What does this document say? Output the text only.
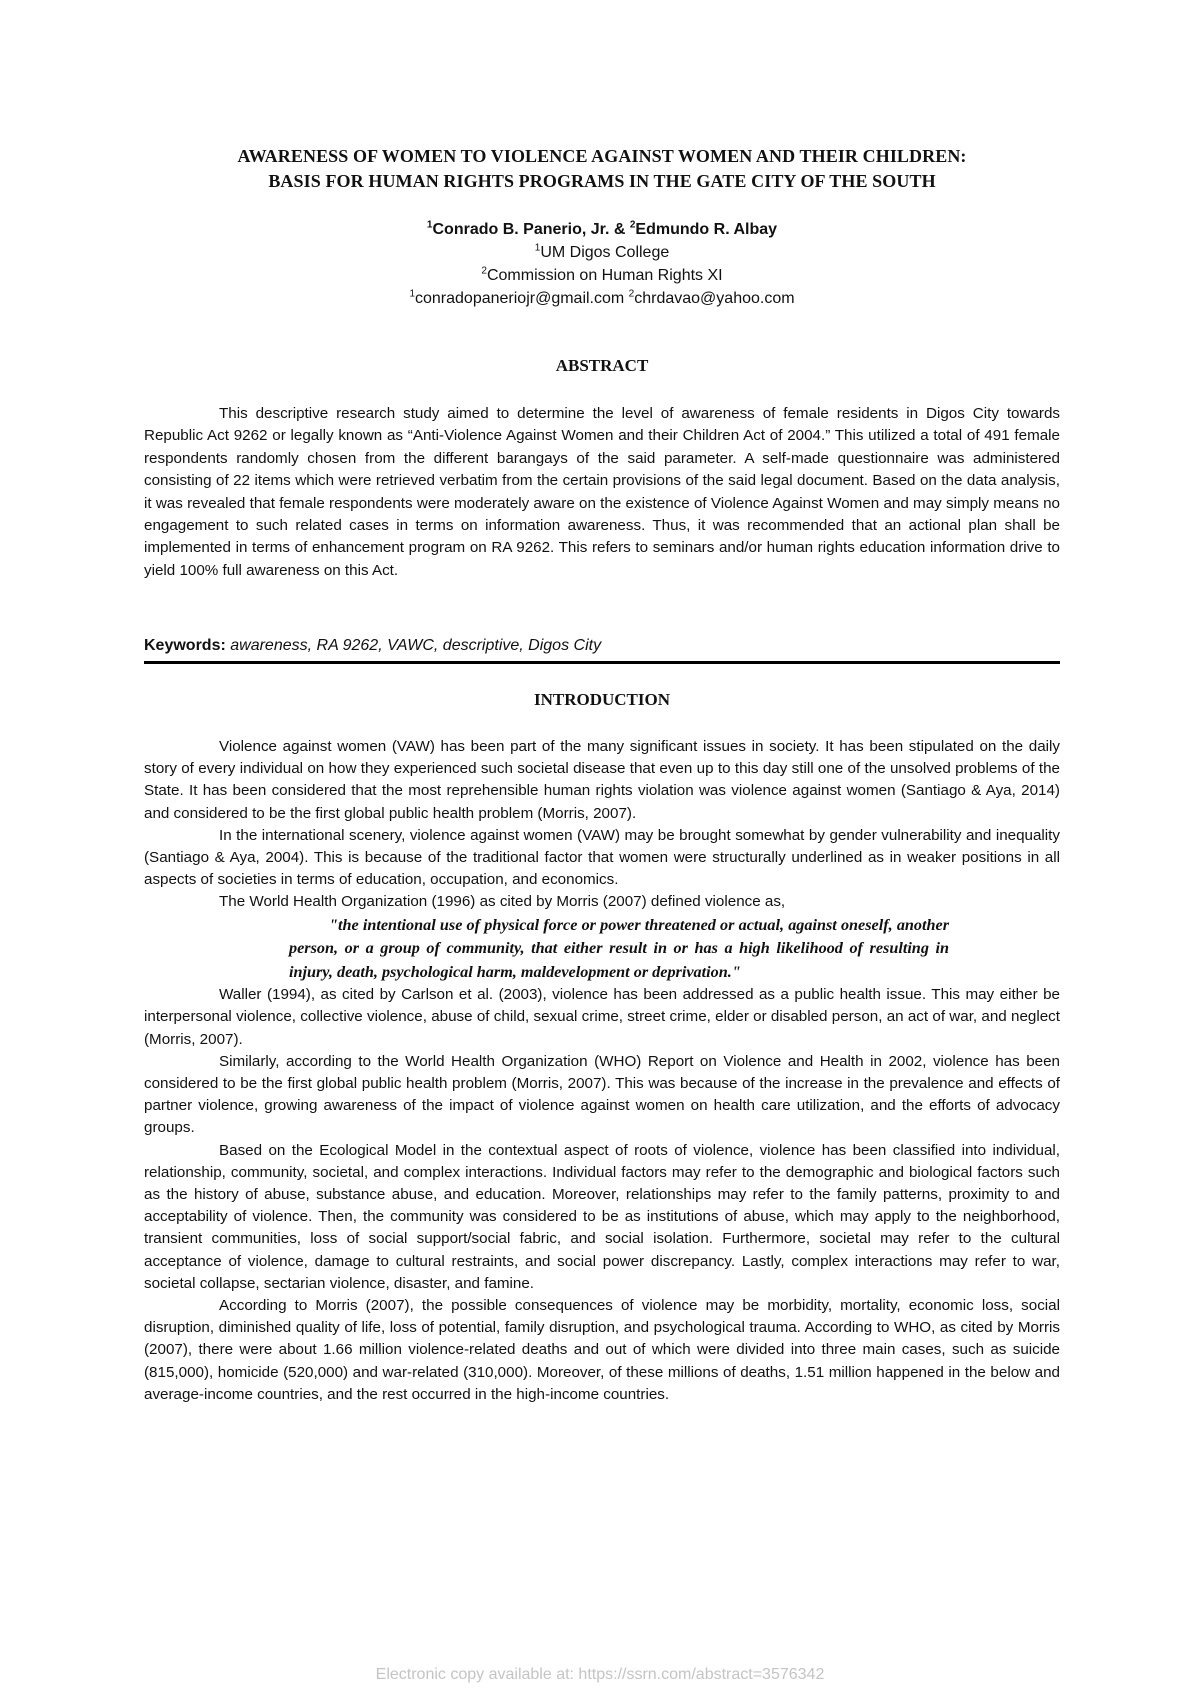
AWARENESS OF WOMEN TO VIOLENCE AGAINST WOMEN AND THEIR CHILDREN:
BASIS FOR HUMAN RIGHTS PROGRAMS IN THE GATE CITY OF THE SOUTH
$^1$Conrado B. Panerio, Jr. & $^2$Edmundo R. Albay
$^1$UM Digos College
$^2$Commission on Human Rights XI
$^1$conradopaneriojr@gmail.com $^2$chrdavao@yahoo.com
ABSTRACT

This descriptive research study aimed to determine the level of awareness of female residents in Digos City towards Republic Act 9262 or legally known as “Anti-Violence Against Women and their Children Act of 2004.” This utilized a total of 491 female respondents randomly chosen from the different barangays of the said parameter. A self-made questionnaire was administered consisting of 22 items which were retrieved verbatim from the certain provisions of the said legal document. Based on the data analysis, it was revealed that female respondents were moderately aware on the existence of Violence Against Women and may simply means no engagement to such related cases in terms on information awareness. Thus, it was recommended that an actional plan shall be implemented in terms of enhancement program on RA 9262. This refers to seminars and/or human rights education information drive to yield 100% full awareness on this Act.

Keywords: awareness, RA 9262, VAWC, descriptive, Digos City
INTRODUCTION

Violence against women (VAW) has been part of the many significant issues in society. It has been stipulated on the daily story of every individual on how they experienced such societal disease that even up to this day still one of the unsolved problems of the State. It has been considered that the most reprehensible human rights violation was violence against women (Santiago & Aya, 2014) and considered to be the first global public health problem (Morris, 2007).

In the international scenery, violence against women (VAW) may be brought somewhat by gender vulnerability and inequality (Santiago & Aya, 2004). This is because of the traditional factor that women were structurally underlined as in weaker positions in all aspects of societies in terms of education, occupation, and economics.

The World Health Organization (1996) as cited by Morris (2007) defined violence as,

"the intentional use of physical force or power threatened or actual, against oneself, another person, or a group of community, that either result in or has a high likelihood of resulting in injury, death, psychological harm, maldevelopment or deprivation."

Waller (1994), as cited by Carlson et al. (2003), violence has been addressed as a public health issue. This may either be interpersonal violence, collective violence, abuse of child, sexual crime, street crime, elder or disabled person, an act of war, and neglect (Morris, 2007).

Similarly, according to the World Health Organization (WHO) Report on Violence and Health in 2002, violence has been considered to be the first global public health problem (Morris, 2007). This was because of the increase in the prevalence and effects of partner violence, growing awareness of the impact of violence against women on health care utilization, and the efforts of advocacy groups.

Based on the Ecological Model in the contextual aspect of roots of violence, violence has been classified into individual, relationship, community, societal, and complex interactions. Individual factors may refer to the demographic and biological factors such as the history of abuse, substance abuse, and education. Moreover, relationships may refer to the family patterns, proximity to and acceptability of violence. Then, the community was considered to be as institutions of abuse, which may apply to the neighborhood, transient communities, loss of social support/social fabric, and social isolation. Furthermore, societal may refer to the cultural acceptance of violence, damage to cultural restraints, and social power discrepancy. Lastly, complex interactions may refer to war, societal collapse, sectarian violence, disaster, and famine.

According to Morris (2007), the possible consequences of violence may be morbidity, mortality, economic loss, social disruption, diminished quality of life, loss of potential, family disruption, and psychological trauma. According to WHO, as cited by Morris (2007), there were about 1.66 million violence-related deaths and out of which were divided into three main cases, such as suicide (815,000), homicide (520,000) and war-related (310,000). Moreover, of these millions of deaths, 1.51 million happened in the below and average-income countries, and the rest occurred in the high-income countries.

Electronic copy available at: https://ssrn.com/abstract=3576342
